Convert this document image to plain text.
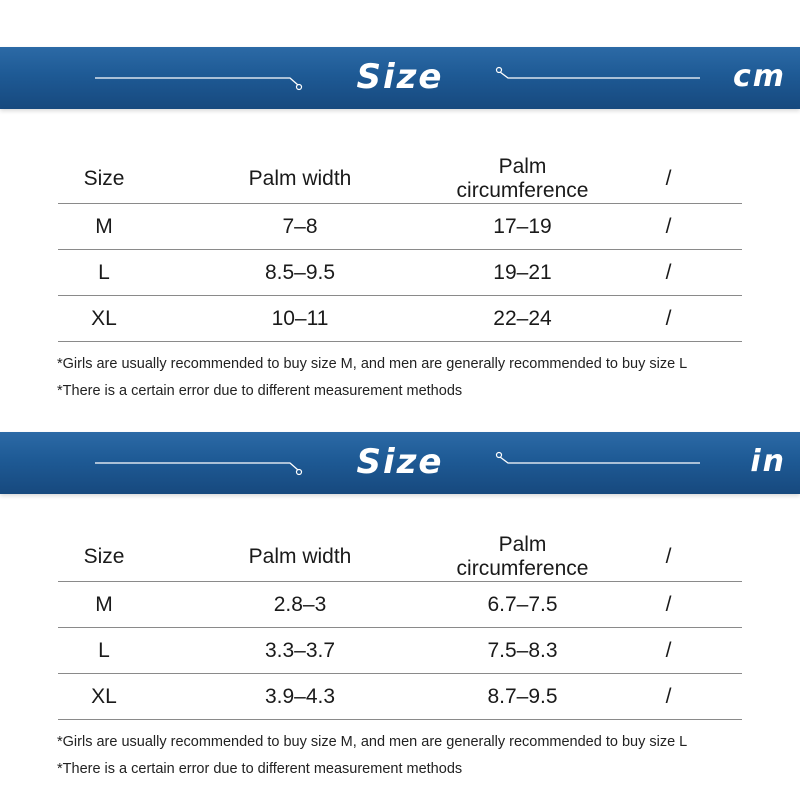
Size	cm
Size	Palm width	Palm circumference	/
M	7–8	17–19	/
L	8.5–9.5	19–21	/
XL	10–11	22–24	/
*Girls are usually recommended to buy size M, and men are generally recommended to buy size L
*There is a certain error due to different measurement methods
Size	in
Size	Palm width	Palm circumference	/
M	2.8–3	6.7–7.5	/
L	3.3–3.7	7.5–8.3	/
XL	3.9–4.3	8.7–9.5	/
*Girls are usually recommended to buy size M, and men are generally recommended to buy size L
*There is a certain error due to different measurement methods
